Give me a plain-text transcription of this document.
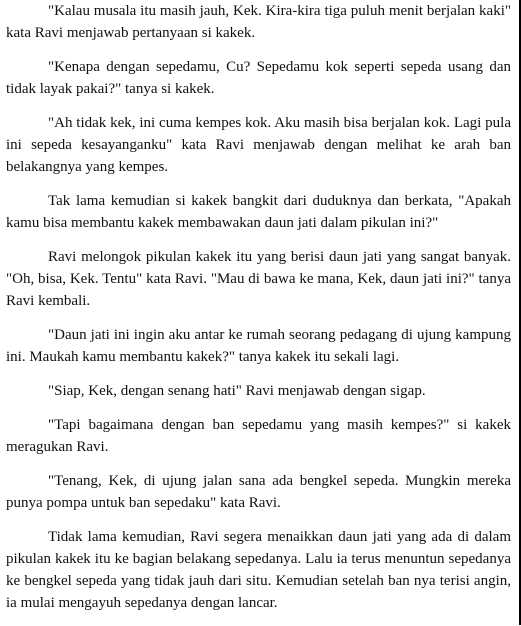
"Kalau musala itu masih jauh, Kek. Kira-kira tiga puluh menit berjalan kaki" kata Ravi menjawab pertanyaan si kakek.

"Kenapa dengan sepedamu, Cu? Sepedamu kok seperti sepeda usang dan tidak layak pakai?" tanya si kakek.

"Ah tidak kek, ini cuma kempes kok. Aku masih bisa berjalan kok. Lagi pula ini sepeda kesayanganku" kata Ravi menjawab dengan melihat ke arah ban belakangnya yang kempes.

Tak lama kemudian si kakek bangkit dari duduknya dan berkata, "Apakah kamu bisa membantu kakek membawakan daun jati dalam pikulan ini?"

Ravi melongok pikulan kakek itu yang berisi daun jati yang sangat banyak. "Oh, bisa, Kek. Tentu" kata Ravi. "Mau di bawa ke mana, Kek, daun jati ini?" tanya Ravi kembali.

"Daun jati ini ingin aku antar ke rumah seorang pedagang di ujung kampung ini. Maukah kamu membantu kakek?" tanya kakek itu sekali lagi.

"Siap, Kek, dengan senang hati" Ravi menjawab dengan sigap.

"Tapi bagaimana dengan ban sepedamu yang masih kempes?" si kakek meragukan Ravi.

"Tenang, Kek, di ujung jalan sana ada bengkel sepeda. Mungkin mereka punya pompa untuk ban sepedaku" kata Ravi.

Tidak lama kemudian, Ravi segera menaikkan daun jati yang ada di dalam pikulan kakek itu ke bagian belakang sepedanya. Lalu ia terus menuntun sepedanya ke bengkel sepeda yang tidak jauh dari situ. Kemudian setelah ban nya terisi angin, ia mulai mengayuh sepedanya dengan lancar.
